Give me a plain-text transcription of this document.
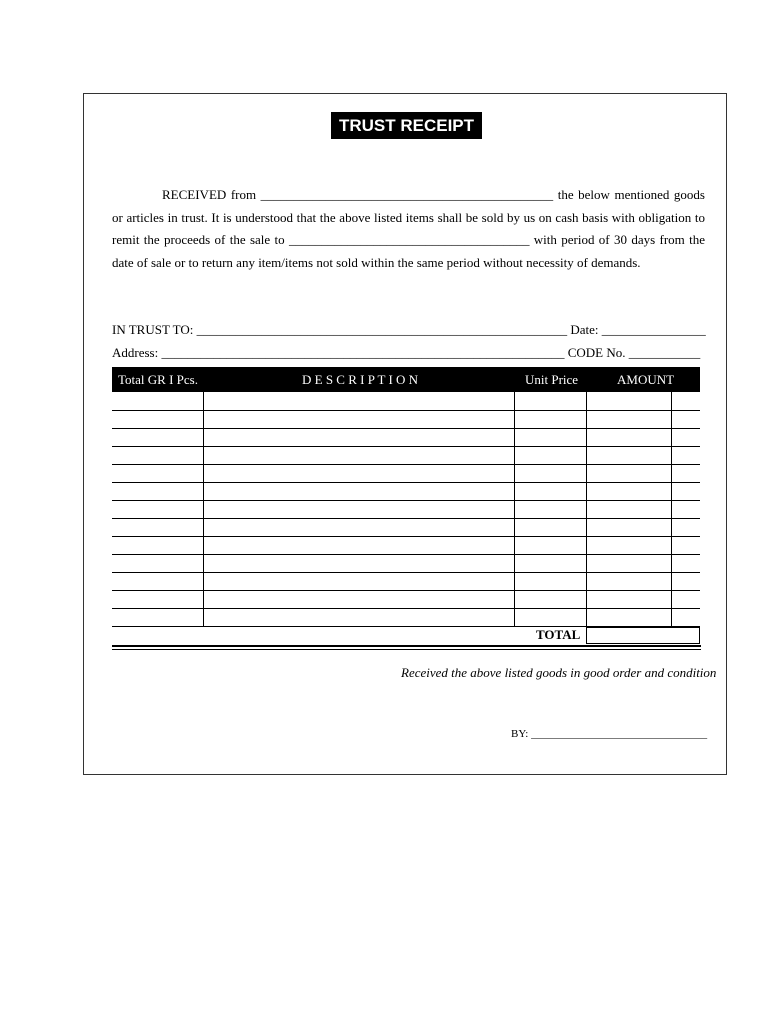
TRUST RECEIPT
RECEIVED from _____________________________________________ the below mentioned goods or articles in trust. It is understood that the above listed items shall be sold by us on cash basis with obligation to remit the proceeds of the sale to _____________________________________ with period of 30 days from the date of sale or to return any item/items not sold within the same period without necessity of demands.
IN TRUST TO: _________________________________________________________ Date: ________________
Address: ______________________________________________________________ CODE No. ___________
Total GR I Pcs.	D E S C R I P T I O N	Unit Price	AMOUNT
TOTAL
Received the above listed goods in good order and condition
BY: ________________________________
